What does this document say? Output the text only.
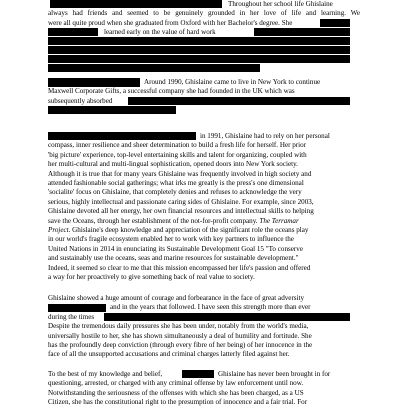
Throughout her school life Ghislaine
always had friends and seemed to be genuinely grounded in her love of life and learning. We
were all quite proud when she graduated from Oxford with her Bachelor's degree. She
learned early on the value of hard work
Around 1990, Ghislaine came to live in New York to continue
Maxwell Corporate Gifts, a successful company she had founded in the UK which was
subsequently absorbed
in 1991, Ghislaine had to rely on her personal
compass, inner resilience and sheer determination to build a fresh life for herself. Her prior
'big picture' experience, top-level entertaining skills and talent for organizing, coupled with
her multi-cultural and multi-lingual sophistication, opened doors into New York society.
Although it is true that for many years Ghislaine was frequently involved in high society and
attended fashionable social gatherings; what irks me greatly is the press's one dimensional
'socialite' focus on Ghislaine, that completely denies and refuses to acknowledge the very
serious, highly intellectual and passionate caring sides of Ghislaine. For example, since 2003,
Ghislaine devoted all her energy, her own financial resources and intellectual skills to helping
save the Oceans, through her establishment of the not-for-profit company. The Terramar
Project. Ghislaine's deep knowledge and appreciation of the significant role the oceans play
in our world's fragile ecosystem enabled her to work with key partners to influence the
United Nations in 2014 in enunciating its Sustainable Development Goal 15 "To conserve
and sustainably use the oceans, seas and marine resources for sustainable development."
Indeed, it seemed so clear to me that this mission encompassed her life's passion and offered
a way for her proactively to give something back of real value to society.
Ghislaine showed a huge amount of courage and forbearance in the face of great adversity
and in the years that followed. I have seen this strength more than ever
during the times
Despite the tremendous daily pressures she has been under, notably from the world's media,
universally hostile to her, she has shown simultaneously a deal of humility and fortitude. She
has the profoundly deep conviction (through every fibre of her being) of her innocence in the
face of all the unsupported accusations and criminal charges latterly filed against her.
To the best of my knowledge and belief,	Ghislaine has never been brought in for
questioning, arrested, or charged with any criminal offense by law enforcement until now.
Notwithstanding the seriousness of the offenses with which she has been charged, as a US
Citizen, she has the constitutional right to the presumption of innocence and a fair trial. For
